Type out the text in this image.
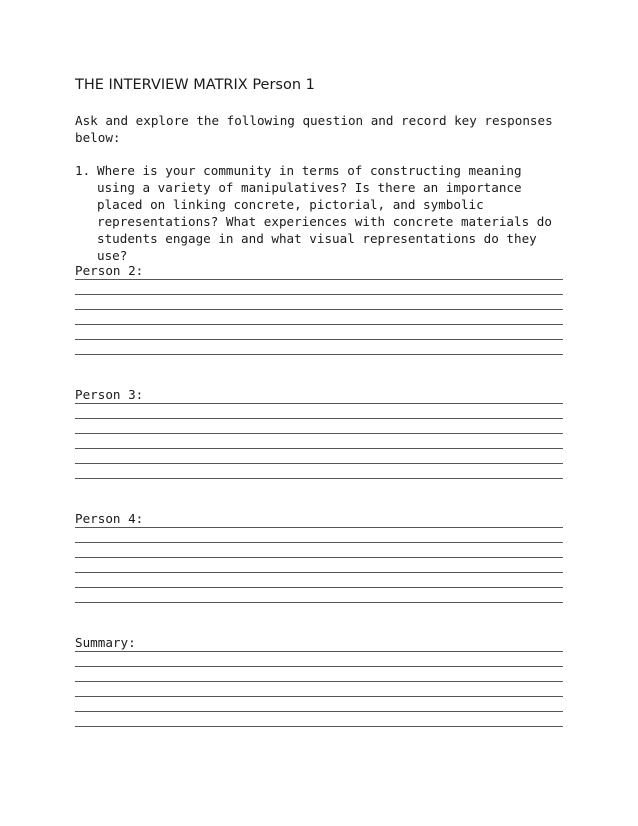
THE INTERVIEW MATRIX Person 1
Ask and explore the following question and record key responses below:
1. Where is your community in terms of constructing meaning using a variety of manipulatives? Is there an importance placed on linking concrete, pictorial, and symbolic representations? What experiences with concrete materials do students engage in and what visual representations do they use?
Person 2:
Person 3:
Person 4:
Summary:
